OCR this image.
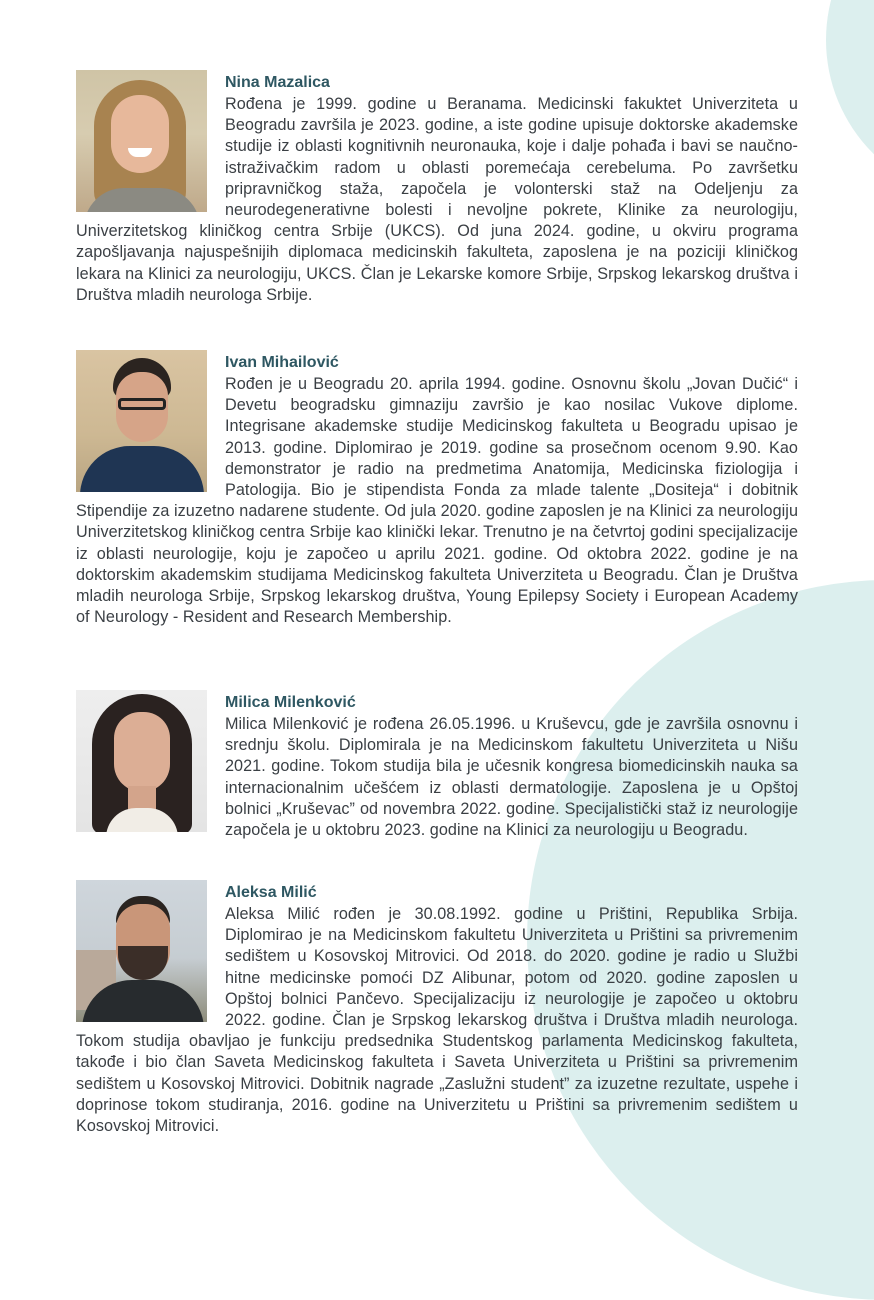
Nina Mazalica

Rođena je 1999. godine u Beranama. Medicinski fakuktet Univerziteta u Beogradu završila je 2023. godine, a iste godine upisuje doktorske akademske studije iz oblasti kognitivnih neuronauka, koje i dalje pohađa i bavi se naučno-istraživačkim radom u oblasti poremećaja cerebeluma. Po završetku pripravničkog staža, započela je volonterski staž na Odeljenju za neurodegenerativne bolesti i nevoljne pokrete, Klinike za neurologiju, Univerzitetskog kliničkog centra Srbije (UKCS). Od juna 2024. godine, u okviru programa zapošljavanja najuspešnijih diplomaca medicinskih fakulteta, zaposlena je na poziciji kliničkog lekara na Klinici za neurologiju, UKCS. Član je Lekarske komore Srbije, Srpskog lekarskog društva i Društva mladih neurologa Srbije.

Ivan Mihailović

Rođen je u Beogradu 20. aprila 1994. godine. Osnovnu školu „Jovan Dučić“ i Devetu beogradsku gimnaziju završio je kao nosilac Vukove diplome. Integrisane akademske studije Medicinskog fakulteta u Beogradu upisao je 2013. godine. Diplomirao je 2019. godine sa prosečnom ocenom 9.90. Kao demonstrator je radio na predmetima Anatomija, Medicinska fiziologija i Patologija. Bio je stipendista Fonda za mlade talente „Dositeja“ i dobitnik Stipendije za izuzetno nadarene studente. Od jula 2020. godine zaposlen je na Klinici za neurologiju Univerzitetskog kliničkog centra Srbije kao klinički lekar. Trenutno je na četvrtoj godini specijalizacije iz oblasti neurologije, koju je započeo u aprilu 2021. godine. Od oktobra 2022. godine je na doktorskim akademskim studijama Medicinskog fakulteta Univerziteta u Beogradu. Član je Društva mladih neurologa Srbije, Srpskog lekarskog društva, Young Epilepsy Society i European Academy of Neurology - Resident and Research Membership.

Milica Milenković

Milica Milenković je rođena 26.05.1996. u Kruševcu, gde je završila osnovnu i srednju školu. Diplomirala je na Medicinskom fakultetu Univerziteta u Nišu 2021. godine. Tokom studija bila je učesnik kongresa biomedicinskih nauka sa internacionalnim učešćem iz oblasti dermatologije. Zaposlena je u Opštoj bolnici „Kruševac” od novembra 2022. godine. Specijalistički staž iz neurologije započela je u oktobru 2023. godine na Klinici za neurologiju u Beogradu.

Aleksa Milić

Aleksa Milić rođen je 30.08.1992. godine u Prištini, Republika Srbija. Diplomirao je na Medicinskom fakultetu Univerziteta u Prištini sa privremenim sedištem u Kosovskoj Mitrovici. Od 2018. do 2020. godine je radio u Službi hitne medicinske pomoći DZ Alibunar, potom od 2020. godine zaposlen u Opštoj bolnici Pančevo. Specijalizaciju iz neurologije je započeo u oktobru 2022. godine. Član je Srpskog lekarskog društva i Društva mladih neurologa. Tokom studija obavljao je funkciju predsednika Studentskog parlamenta Medicinskog fakulteta, takođe i bio član Saveta Medicinskog fakulteta i Saveta Univerziteta u Prištini sa privremenim sedištem u Kosovskoj Mitrovici. Dobitnik nagrade „Zaslužni student” za izuzetne rezultate, uspehe i doprinose tokom studiranja, 2016. godine na Univerzitetu u Prištini sa privremenim sedištem u Kosovskoj Mitrovici.
